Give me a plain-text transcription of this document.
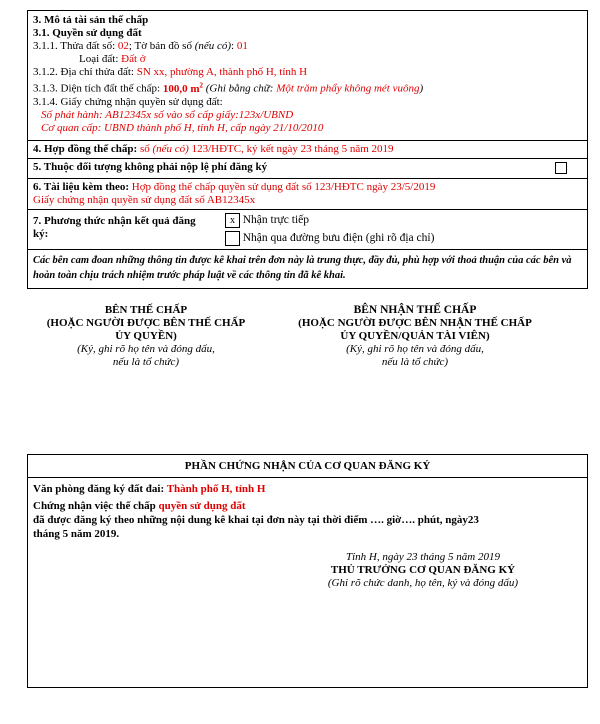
3. Mô tả tài sản thế chấp
3.1. Quyền sử dụng đất
3.1.1. Thửa đất số: 02; Tờ bản đồ số (nếu có): 01
Loại đất: Đất ở
3.1.2. Địa chỉ thửa đất: SN xx, phường A, thành phố H, tỉnh H
3.1.3. Diện tích đất thế chấp: 100,0 $m^2$ (Ghi bằng chữ: Một trăm phẩy không mét vuông)
3.1.4. Giấy chứng nhận quyền sử dụng đất:
Số phát hành: AB12345x số vào sổ cấp giấy:123x/UBND
Cơ quan cấp: UBND thành phố H, tỉnh H, cấp ngày 21/10/2010
4. Hợp đồng thế chấp: số (nếu có) 123/HĐTC, ký kết ngày 23 tháng 5 năm 2019
5. Thuộc đối tượng không phải nộp lệ phí đăng ký
6. Tài liệu kèm theo: Hợp đồng thế chấp quyền sử dụng đất số 123/HĐTC ngày 23/5/2019
Giấy chứng nhận quyền sử dụng đất số AB12345x
7. Phương thức nhận kết quả đăng
ký:
x Nhận trực tiếp
Nhận qua đường bưu điện (ghi rõ địa chỉ)
Các bên cam đoan những thông tin được kê khai trên đơn này là trung thực, đầy đủ, phù hợp với thoả thuận của các bên và hoàn toàn chịu trách nhiệm trước pháp luật về các thông tin đã kê khai.
BÊN THẾ CHẤP
(HOẶC NGƯỜI ĐƯỢC BÊN THẾ CHẤP
ỦY QUYỀN)
(Ký, ghi rõ họ tên và đóng dấu,
nếu là tổ chức)
BÊN NHẬN THẾ CHẤP
(HOẶC NGƯỜI ĐƯỢC BÊN NHẬN THẾ CHẤP
ỦY QUYỀN/QUẢN TÀI VIÊN)
(Ký, ghi rõ họ tên và đóng dấu,
nếu là tổ chức)
PHẦN CHỨNG NHẬN CỦA CƠ QUAN ĐĂNG KÝ
Văn phòng đăng ký đất đai: Thành phố H, tỉnh H
Chứng nhận việc thế chấp quyền sử dụng đất
đã được đăng ký theo những nội dung kê khai tại đơn này tại thời điểm …. giờ…. phút, ngày23
tháng 5 năm 2019.
Tỉnh H, ngày 23 tháng 5 năm 2019
THỦ TRƯỞNG CƠ QUAN ĐĂNG KÝ
(Ghi rõ chức danh, họ tên, ký và đóng dấu)
